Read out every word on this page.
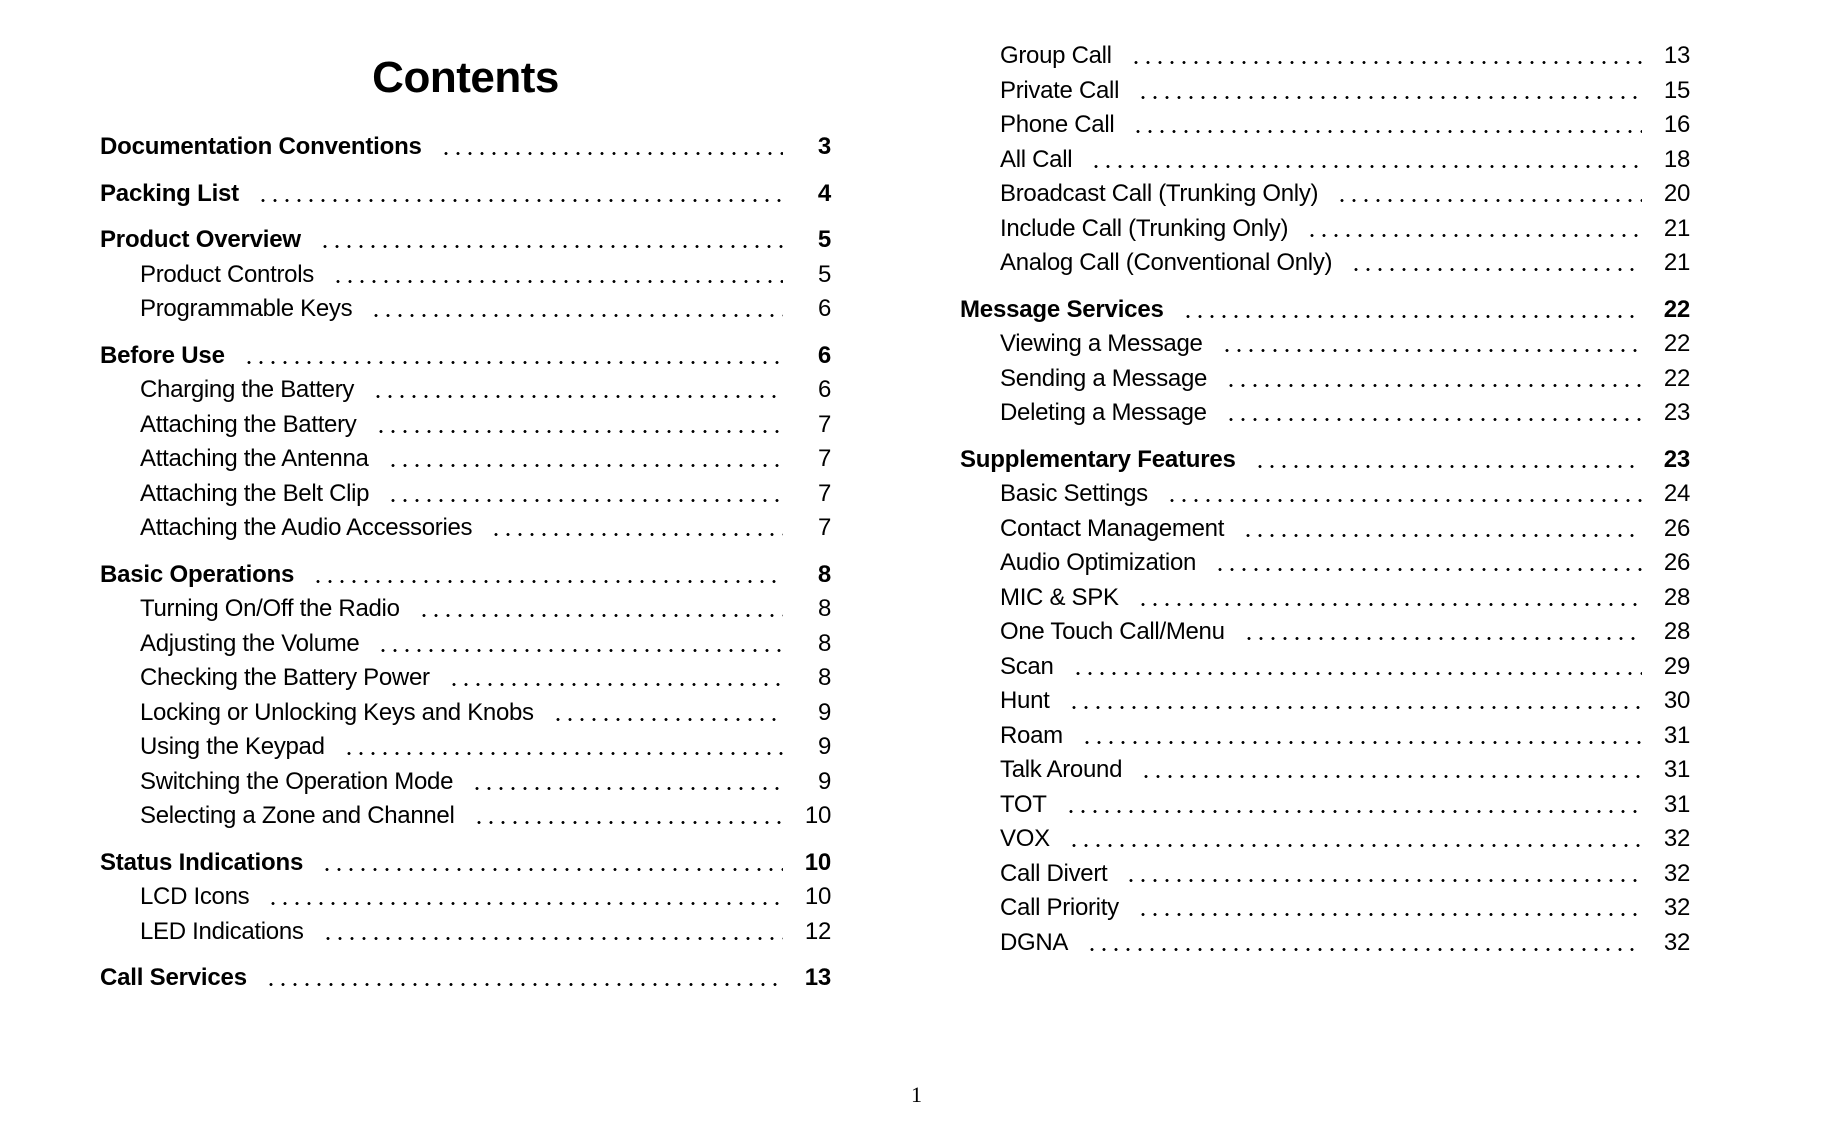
Contents
Documentation Conventions	3
Packing List	4
Product Overview	5
Product Controls	5
Programmable Keys	6
Before Use	6
Charging the Battery	6
Attaching the Battery	7
Attaching the Antenna	7
Attaching the Belt Clip	7
Attaching the Audio Accessories	7
Basic Operations	8
Turning On/Off the Radio	8
Adjusting the Volume	8
Checking the Battery Power	8
Locking or Unlocking Keys and Knobs	9
Using the Keypad	9
Switching the Operation Mode	9
Selecting a Zone and Channel	10
Status Indications	10
LCD Icons	10
LED Indications	12
Call Services	13
Group Call	13
Private Call	15
Phone Call	16
All Call	18
Broadcast Call (Trunking Only)	20
Include Call (Trunking Only)	21
Analog Call (Conventional Only)	21
Message Services	22
Viewing a Message	22
Sending a Message	22
Deleting a Message	23
Supplementary Features	23
Basic Settings	24
Contact Management	26
Audio Optimization	26
MIC & SPK	28
One Touch Call/Menu	28
Scan	29
Hunt	30
Roam	31
Talk Around	31
TOT	31
VOX	32
Call Divert	32
Call Priority	32
DGNA	32
1
